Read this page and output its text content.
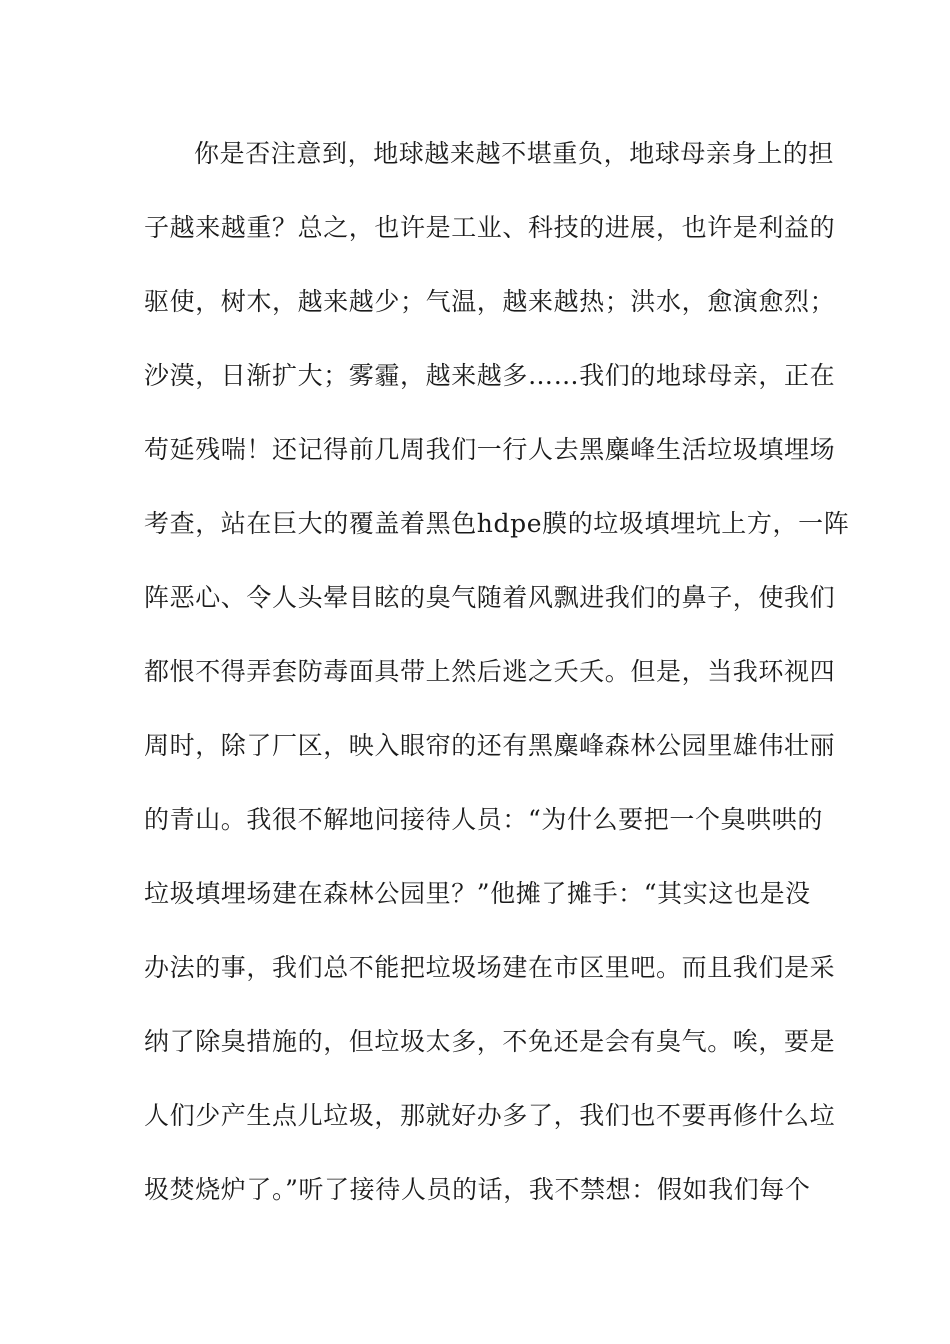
你是否注意到，地球越来越不堪重负，地球母亲身上的担
子越来越重？总之，也许是工业、科技的进展，也许是利益的
驱使，树木，越来越少；气温，越来越热；洪水，愈演愈烈；
沙漠，日渐扩大；雾霾，越来越多……我们的地球母亲，正在
苟延残喘！还记得前几周我们一行人去黑麋峰生活垃圾填埋场
考查，站在巨大的覆盖着黑色hdpe膜的垃圾填埋坑上方，一阵
阵恶心、令人头晕目眩的臭气随着风飘进我们的鼻子，使我们
都恨不得弄套防毒面具带上然后逃之夭夭。但是，当我环视四
周时，除了厂区，映入眼帘的还有黑麋峰森林公园里雄伟壮丽
的青山。我很不解地问接待人员：“为什么要把一个臭哄哄的
垃圾填埋场建在森林公园里？”他摊了摊手：“其实这也是没
办法的事，我们总不能把垃圾场建在市区里吧。而且我们是采
纳了除臭措施的，但垃圾太多，不免还是会有臭气。唉，要是
人们少产生点儿垃圾，那就好办多了，我们也不要再修什么垃
圾焚烧炉了。”听了接待人员的话，我不禁想：假如我们每个
